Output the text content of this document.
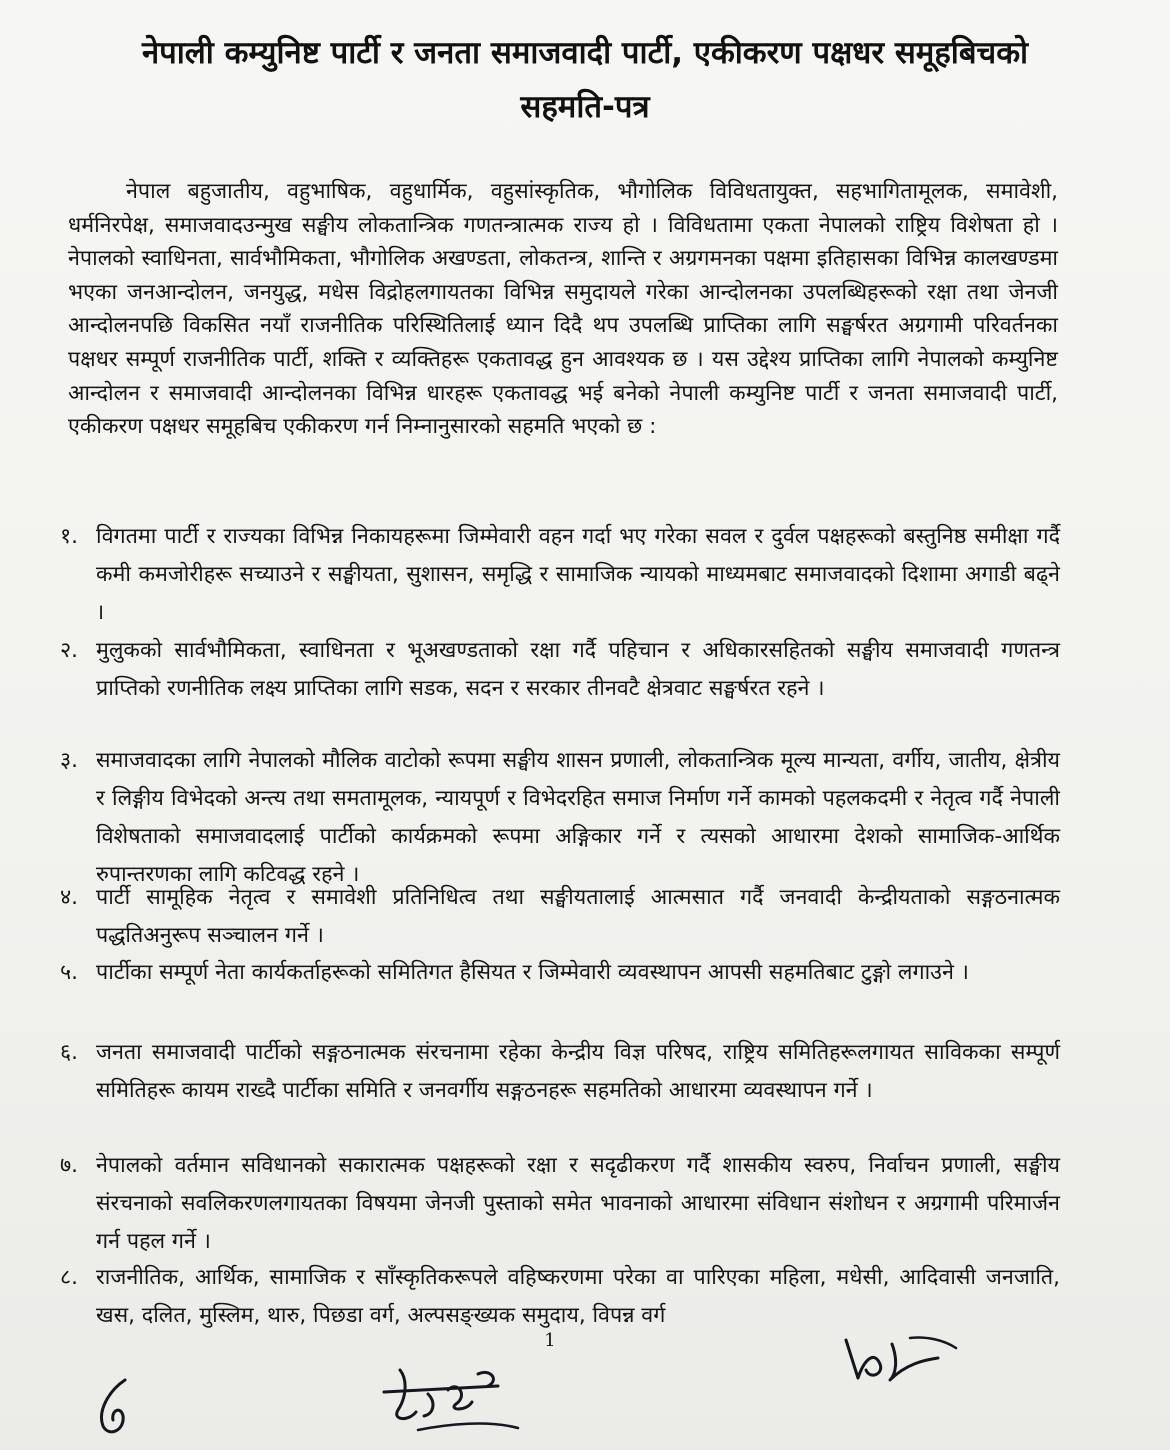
नेपाली कम्युनिष्ट पार्टी र जनता समाजवादी पार्टी, एकीकरण पक्षधर समूहबिचको
सहमति-पत्र

नेपाल बहुजातीय, वहुभाषिक, वहुधार्मिक, वहुसांस्कृतिक, भौगोलिक विविधतायुक्त, सहभागितामूलक, समावेशी, धर्मनिरपेक्ष, समाजवादउन्मुख सङ्घीय लोकतान्त्रिक गणतन्त्रात्मक राज्य हो । विविधतामा एकता नेपालको राष्ट्रिय विशेषता हो । नेपालको स्वाधिनता, सार्वभौमिकता, भौगोलिक अखण्डता, लोकतन्त्र, शान्ति र अग्रगमनका पक्षमा इतिहासका विभिन्न कालखण्डमा भएका जनआन्दोलन, जनयुद्ध, मधेस विद्रोहलगायतका विभिन्न समुदायले गरेका आन्दोलनका उपलब्धिहरूको रक्षा तथा जेनजी आन्दोलनपछि विकसित नयाँ राजनीतिक परिस्थितिलाई ध्यान दिदै थप उपलब्धि प्राप्तिका लागि सङ्घर्षरत अग्रगामी परिवर्तनका पक्षधर सम्पूर्ण राजनीतिक पार्टी, शक्ति र व्यक्तिहरू एकतावद्ध हुन आवश्यक छ । यस उद्देश्य प्राप्तिका लागि नेपालको कम्युनिष्ट आन्दोलन र समाजवादी आन्दोलनका विभिन्न धारहरू एकतावद्ध भई बनेको नेपाली कम्युनिष्ट पार्टी र जनता समाजवादी पार्टी, एकीकरण पक्षधर समूहबिच एकीकरण गर्न निम्नानुसारको सहमति भएको छ :

१. विगतमा पार्टी र राज्यका विभिन्न निकायहरूमा जिम्मेवारी वहन गर्दा भए गरेका सवल र दुर्वल पक्षहरूको बस्तुनिष्ठ समीक्षा गर्दै कमी कमजोरीहरू सच्याउने र सङ्घीयता, सुशासन, समृद्धि र सामाजिक न्यायको माध्यमबाट समाजवादको दिशामा अगाडी बढ्ने ।
२. मुलुकको सार्वभौमिकता, स्वाधिनता र भूअखण्डताको रक्षा गर्दै पहिचान र अधिकारसहितको सङ्घीय समाजवादी गणतन्त्र प्राप्तिको रणनीतिक लक्ष्य प्राप्तिका लागि सडक, सदन र सरकार तीनवटै क्षेत्रवाट सङ्घर्षरत रहने ।
३. समाजवादका लागि नेपालको मौलिक वाटोको रूपमा सङ्घीय शासन प्रणाली, लोकतान्त्रिक मूल्य मान्यता, वर्गीय, जातीय, क्षेत्रीय र लिङ्गीय विभेदको अन्त्य तथा समतामूलक, न्यायपूर्ण र विभेदरहित समाज निर्माण गर्ने कामको पहलकदमी र नेतृत्व गर्दै नेपाली विशेषताको समाजवादलाई पार्टीको कार्यक्रमको रूपमा अङ्गिकार गर्ने र त्यसको आधारमा देशको सामाजिक-आर्थिक रुपान्तरणका लागि कटिवद्ध रहने ।
४. पार्टी सामूहिक नेतृत्व र समावेशी प्रतिनिधित्व तथा सङ्घीयतालाई आत्मसात गर्दै जनवादी केन्द्रीयताको सङ्गठनात्मक पद्धतिअनुरूप सञ्चालन गर्ने ।
५. पार्टीका सम्पूर्ण नेता कार्यकर्ताहरूको समितिगत हैसियत र जिम्मेवारी व्यवस्थापन आपसी सहमतिबाट टुङ्गो लगाउने ।
६. जनता समाजवादी पार्टीको सङ्गठनात्मक संरचनामा रहेका केन्द्रीय विज्ञ परिषद, राष्ट्रिय समितिहरूलगायत साविकका सम्पूर्ण समितिहरू कायम राख्दै पार्टीका समिति र जनवर्गीय सङ्गठनहरू सहमतिको आधारमा व्यवस्थापन गर्ने ।
७. नेपालको वर्तमान सविधानको सकारात्मक पक्षहरूको रक्षा र सदृढीकरण गर्दै शासकीय स्वरुप, निर्वाचन प्रणाली, सङ्घीय संरचनाको सवलिकरणलगायतका विषयमा जेनजी पुस्ताको समेत भावनाको आधारमा संविधान संशोधन र अग्रगामी परिमार्जन गर्न पहल गर्ने ।
८. राजनीतिक, आर्थिक, सामाजिक र साँस्कृतिकरूपले वहिष्करणमा परेका वा पारिएका महिला, मधेसी, आदिवासी जनजाति, खस, दलित, मुस्लिम, थारु, पिछडा वर्ग, अल्पसङ्ख्यक समुदाय, विपन्न वर्ग
1
